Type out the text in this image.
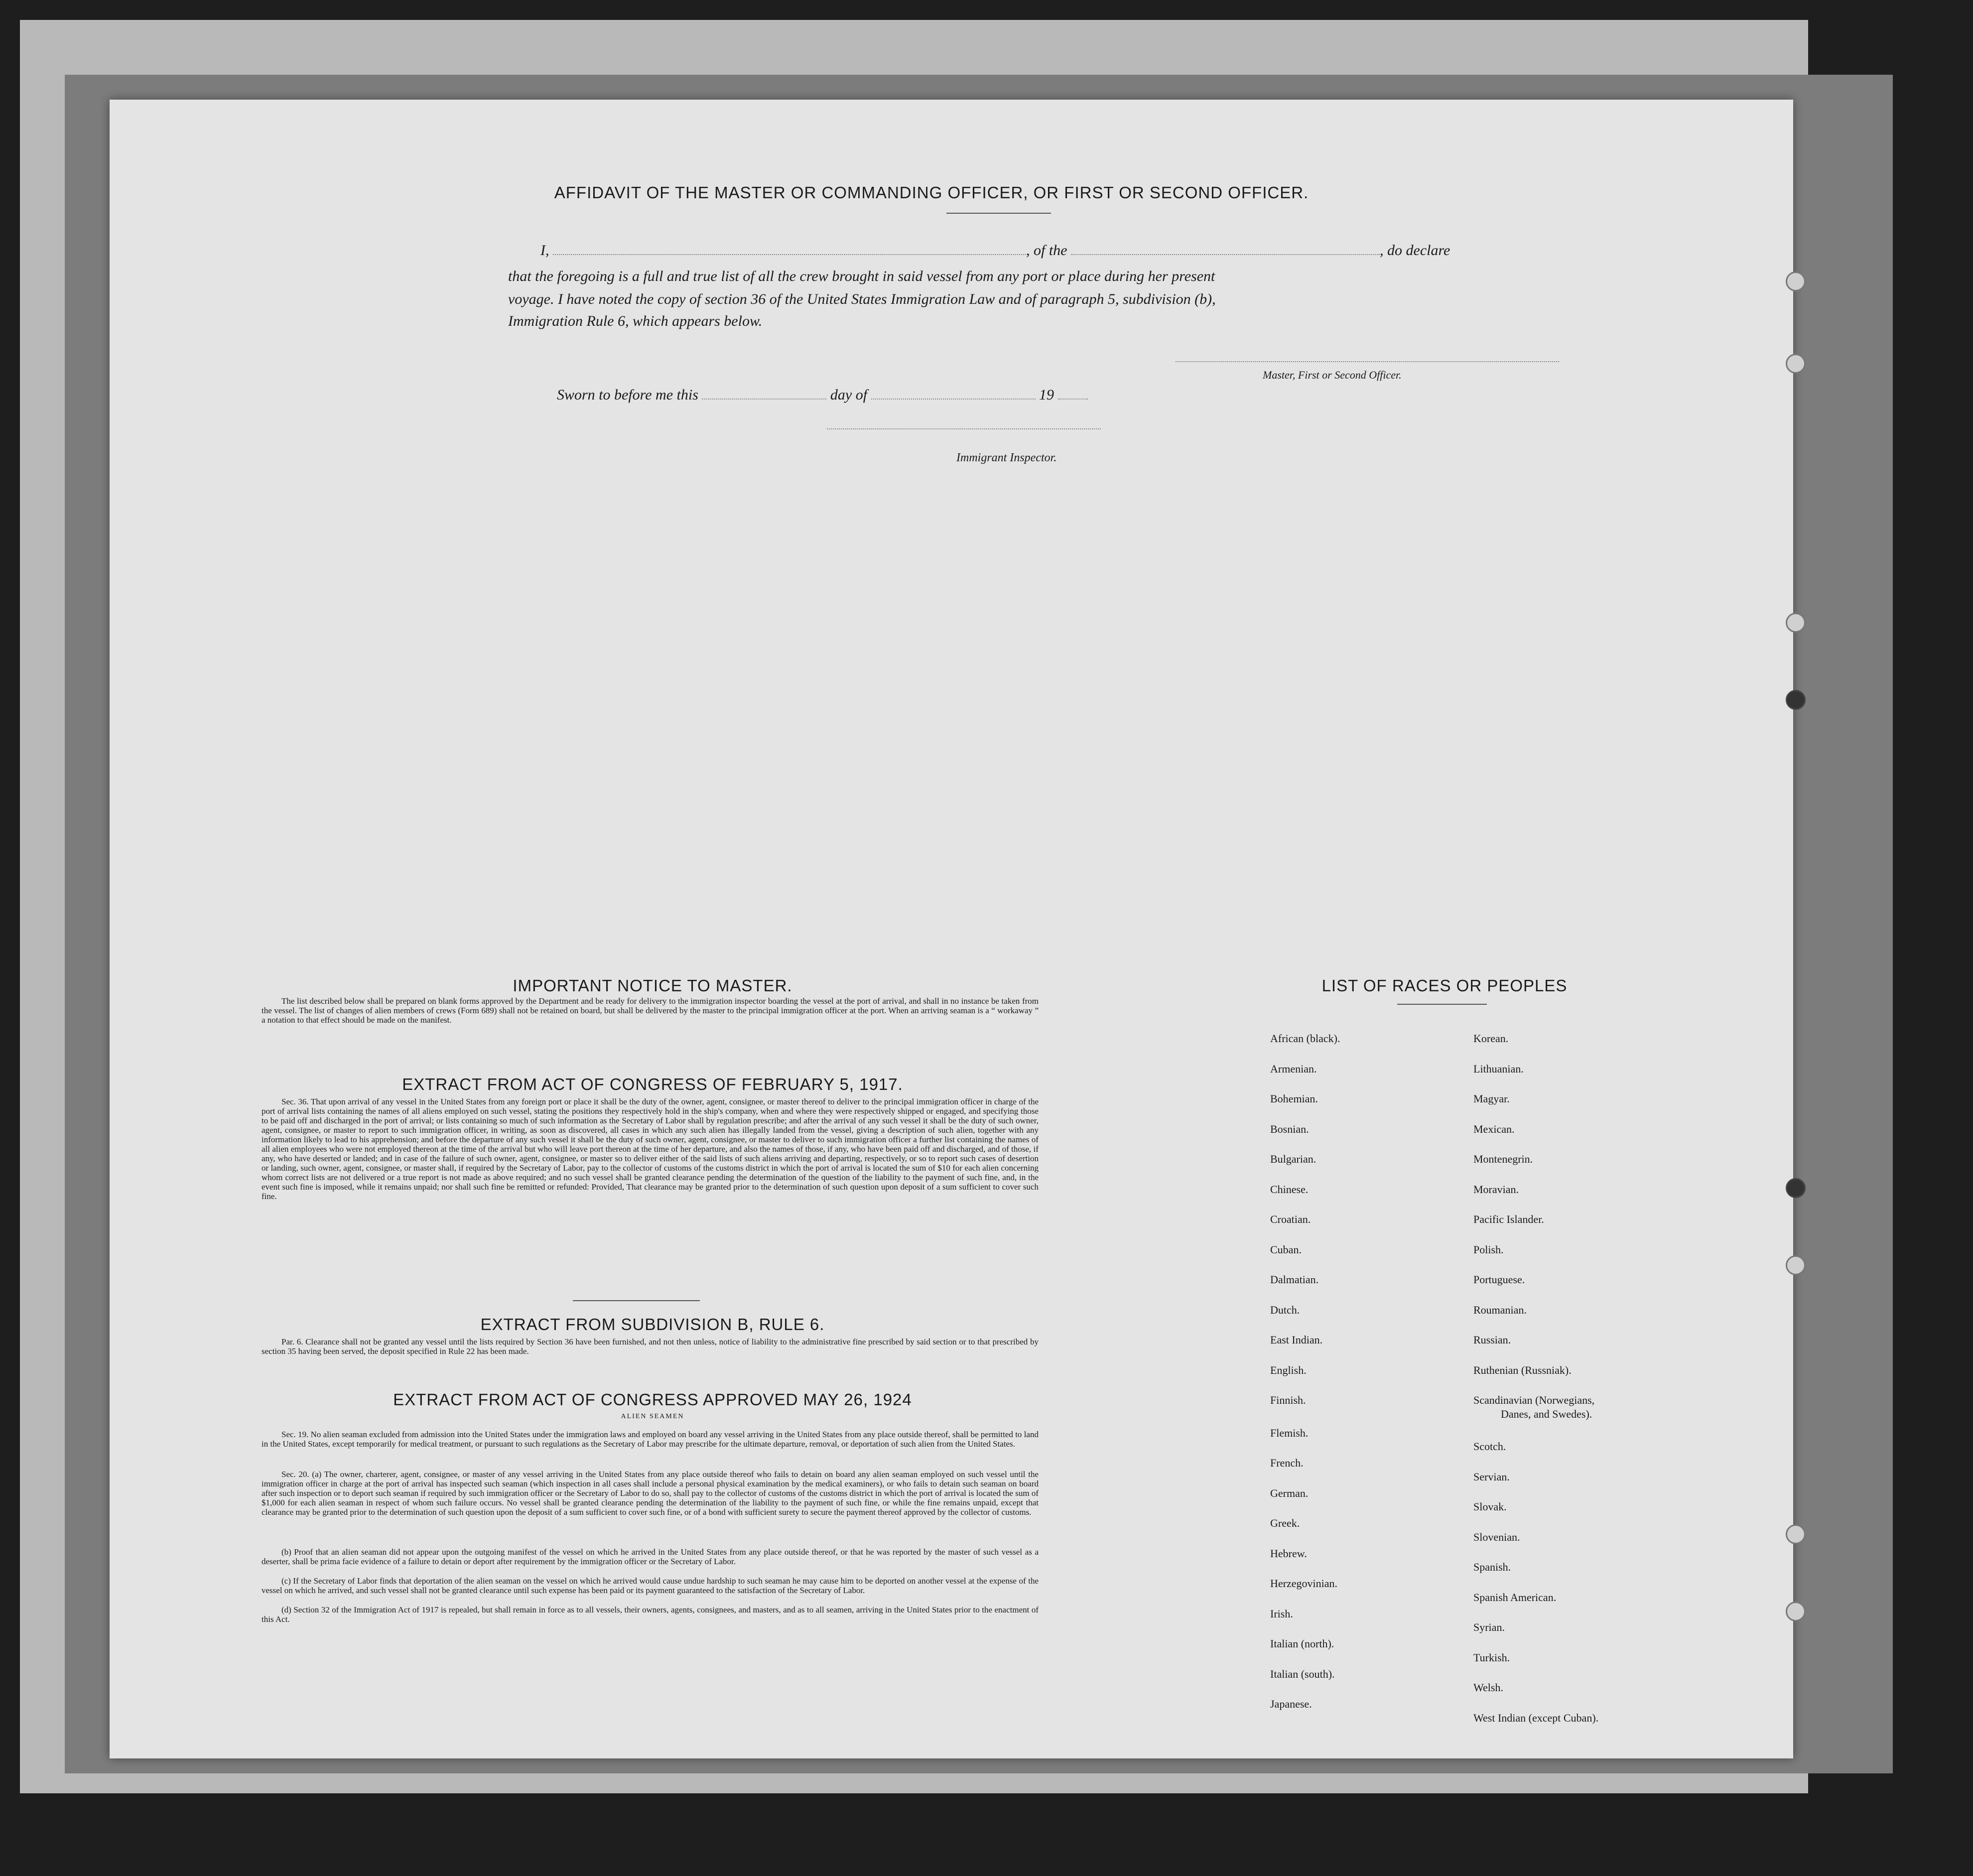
AFFIDAVIT OF THE MASTER OR COMMANDING OFFICER, OR FIRST OR SECOND OFFICER.
I,	, of the	, do declare
that the foregoing is a full and true list of all the crew brought in said vessel from any port or place during her present
voyage. I have noted the copy of section 36 of the United States Immigration Law and of paragraph 5, subdivision (b),
Immigration Rule 6, which appears below.
Master, First or Second Officer.
Sworn to before me this	day of	19
Immigrant Inspector.
IMPORTANT NOTICE TO MASTER.
The list described below shall be prepared on blank forms approved by the Department and be ready for delivery to the immigration inspector boarding the vessel at the port of arrival, and shall in no instance be taken from the vessel. The list of changes of alien members of crews (Form 689) shall not be retained on board, but shall be delivered by the master to the principal immigration officer at the port. When an arriving seaman is a “ workaway ” a notation to that effect should be made on the manifest.
EXTRACT FROM ACT OF CONGRESS OF FEBRUARY 5, 1917.
Sec. 36. That upon arrival of any vessel in the United States from any foreign port or place it shall be the duty of the owner, agent, consignee, or master thereof to deliver to the principal immigration officer in charge of the port of arrival lists containing the names of all aliens employed on such vessel, stating the positions they respectively hold in the ship's company, when and where they were respectively shipped or engaged, and specifying those to be paid off and discharged in the port of arrival; or lists containing so much of such information as the Secretary of Labor shall by regulation prescribe; and after the arrival of any such vessel it shall be the duty of such owner, agent, consignee, or master to report to such immigration officer, in writing, as soon as discovered, all cases in which any such alien has illegally landed from the vessel, giving a description of such alien, together with any information likely to lead to his apprehension; and before the departure of any such vessel it shall be the duty of such owner, agent, consignee, or master to deliver to such immigration officer a further list containing the names of all alien employees who were not employed thereon at the time of the arrival but who will leave port thereon at the time of her departure, and also the names of those, if any, who have been paid off and discharged, and of those, if any, who have deserted or landed; and in case of the failure of such owner, agent, consignee, or master so to deliver either of the said lists of such aliens arriving and departing, respectively, or so to report such cases of desertion or landing, such owner, agent, consignee, or master shall, if required by the Secretary of Labor, pay to the collector of customs of the customs district in which the port of arrival is located the sum of $10 for each alien concerning whom correct lists are not delivered or a true report is not made as above required; and no such vessel shall be granted clearance pending the determination of the question of the liability to the payment of such fine, and, in the event such fine is imposed, while it remains unpaid; nor shall such fine be remitted or refunded: Provided, That clearance may be granted prior to the determination of such question upon deposit of a sum sufficient to cover such fine.
EXTRACT FROM SUBDIVISION B, RULE 6.
Par. 6. Clearance shall not be granted any vessel until the lists required by Section 36 have been furnished, and not then unless, notice of liability to the administrative fine prescribed by said section or to that prescribed by section 35 having been served, the deposit specified in Rule 22 has been made.
EXTRACT FROM ACT OF CONGRESS APPROVED MAY 26, 1924
ALIEN SEAMEN
Sec. 19. No alien seaman excluded from admission into the United States under the immigration laws and employed on board any vessel arriving in the United States from any place outside thereof, shall be permitted to land in the United States, except temporarily for medical treatment, or pursuant to such regulations as the Secretary of Labor may prescribe for the ultimate departure, removal, or deportation of such alien from the United States.
Sec. 20. (a) The owner, charterer, agent, consignee, or master of any vessel arriving in the United States from any place outside thereof who fails to detain on board any alien seaman employed on such vessel until the immigration officer in charge at the port of arrival has inspected such seaman (which inspection in all cases shall include a personal physical examination by the medical examiners), or who fails to detain such seaman on board after such inspection or to deport such seaman if required by such immigration officer or the Secretary of Labor to do so, shall pay to the collector of customs of the customs district in which the port of arrival is located the sum of $1,000 for each alien seaman in respect of whom such failure occurs. No vessel shall be granted clearance pending the determination of the liability to the payment of such fine, or while the fine remains unpaid, except that clearance may be granted prior to the determination of such question upon the deposit of a sum sufficient to cover such fine, or of a bond with sufficient surety to secure the payment thereof approved by the collector of customs.
(b) Proof that an alien seaman did not appear upon the outgoing manifest of the vessel on which he arrived in the United States from any place outside thereof, or that he was reported by the master of such vessel as a deserter, shall be prima facie evidence of a failure to detain or deport after requirement by the immigration officer or the Secretary of Labor.
(c) If the Secretary of Labor finds that deportation of the alien seaman on the vessel on which he arrived would cause undue hardship to such seaman he may cause him to be deported on another vessel at the expense of the vessel on which he arrived, and such vessel shall not be granted clearance until such expense has been paid or its payment guaranteed to the satisfaction of the Secretary of Labor.
(d) Section 32 of the Immigration Act of 1917 is repealed, but shall remain in force as to all vessels, their owners, agents, consignees, and masters, and as to all seamen, arriving in the United States prior to the enactment of this Act.
LIST OF RACES OR PEOPLES
African (black).
Armenian.
Bohemian.
Bosnian.
Bulgarian.
Chinese.
Croatian.
Cuban.
Dalmatian.
Dutch.
East Indian.
English.
Finnish.
Flemish.
French.
German.
Greek.
Hebrew.
Herzegovinian.
Irish.
Italian (north).
Italian (south).
Japanese.
Korean.
Lithuanian.
Magyar.
Mexican.
Montenegrin.
Moravian.
Pacific Islander.
Polish.
Portuguese.
Roumanian.
Russian.
Ruthenian (Russniak).
Scandinavian (Norwegians,
Danes, and Swedes).
Scotch.
Servian.
Slovak.
Slovenian.
Spanish.
Spanish American.
Syrian.
Turkish.
Welsh.
West Indian (except Cuban).
